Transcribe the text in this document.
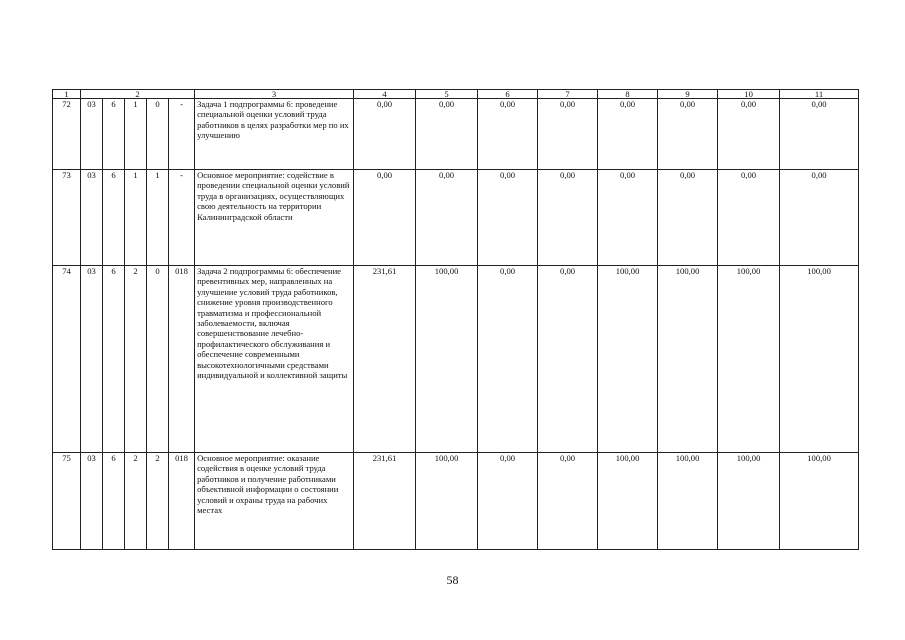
1	2					3	4	5	6	7	8	9	10	11
72	03	6	1	0	-	Задача 1 подпрограммы 6: проведение специальной оценки условий труда работников в целях разработки мер по их улучшению	0,00	0,00	0,00	0,00	0,00	0,00	0,00	0,00
73	03	6	1	1	-	Основное мероприятие: содействие в проведении специальной оценки условий труда в организациях, осуществляющих свою деятельность на территории Калининградской области	0,00	0,00	0,00	0,00	0,00	0,00	0,00	0,00
74	03	6	2	0	018	Задача 2 подпрограммы 6: обеспечение превентивных мер, направленных на улучшение условий труда работников, снижение уровня производственного травматизма и профессиональной заболеваемости, включая совершенствование лечебно-профилактического обслуживания и обеспечение современными высокотехнологичными средствами индивидуальной и коллективной защиты	231,61	100,00	0,00	0,00	100,00	100,00	100,00	100,00
75	03	6	2	2	018	Основное мероприятие: оказание содействия в оценке условий труда работников и получение работниками объективной информации о состоянии условий и охраны труда на рабочих местах	231,61	100,00	0,00	0,00	100,00	100,00	100,00	100,00
58
